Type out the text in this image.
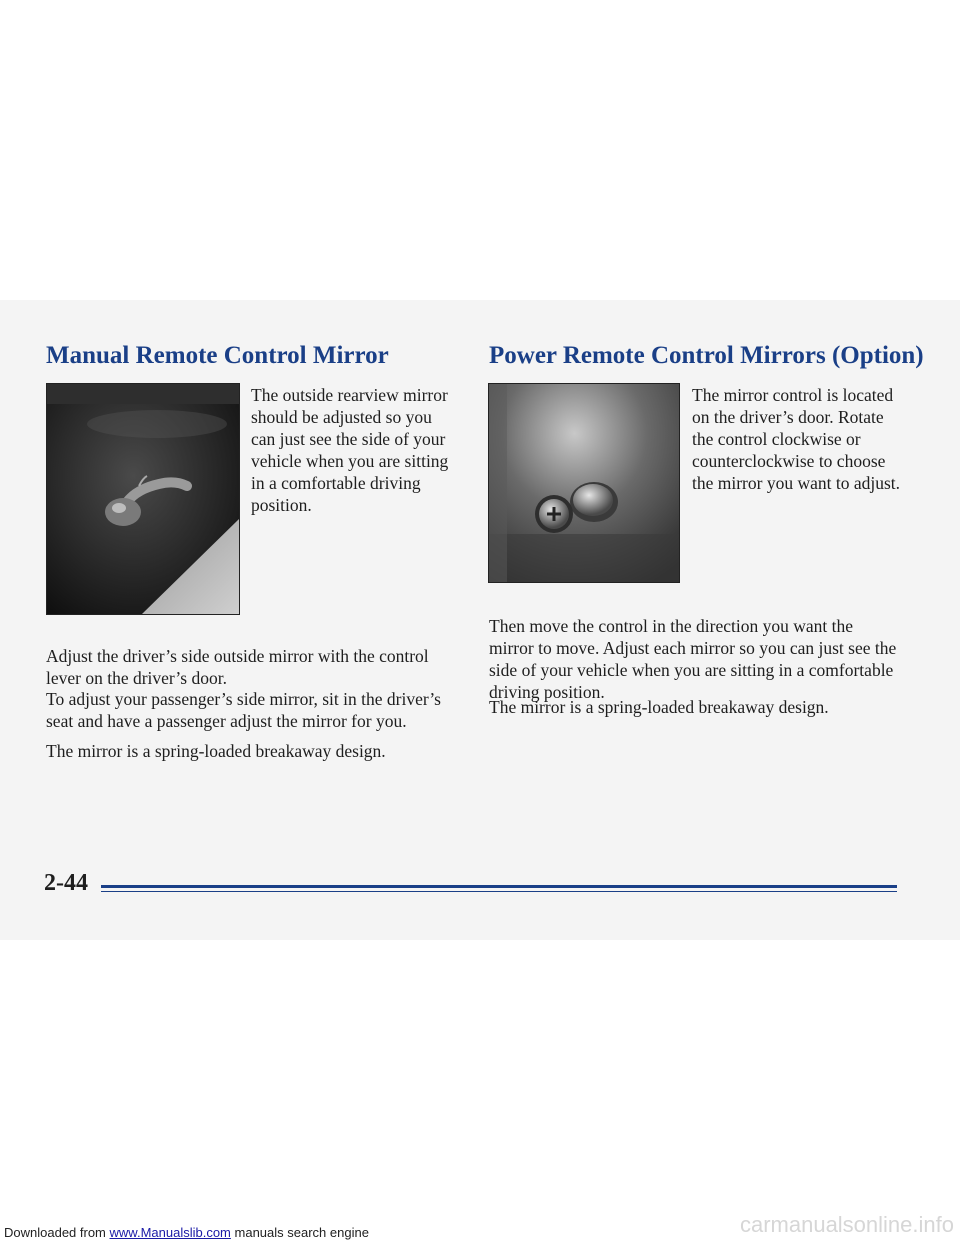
Manual Remote Control Mirror

The outside rearview mirror should be adjusted so you can just see the side of your vehicle when you are sitting in a comfortable driving position.

Adjust the driver’s side outside mirror with the control lever on the driver’s door.

To adjust your passenger’s side mirror, sit in the driver’s seat and have a passenger adjust the mirror for you.

The mirror is a spring-loaded breakaway design.

Power Remote Control Mirrors (Option)

The mirror control is located on the driver’s door. Rotate the control clockwise or counterclockwise to choose the mirror you want to adjust.

Then move the control in the direction you want the mirror to move. Adjust each mirror so you can just see the side of your vehicle when you are sitting in a comfortable driving position.

The mirror is a spring-loaded breakaway design.

2-44
Downloaded from www.Manualslib.com manuals search engine	carmanualsonline.info
